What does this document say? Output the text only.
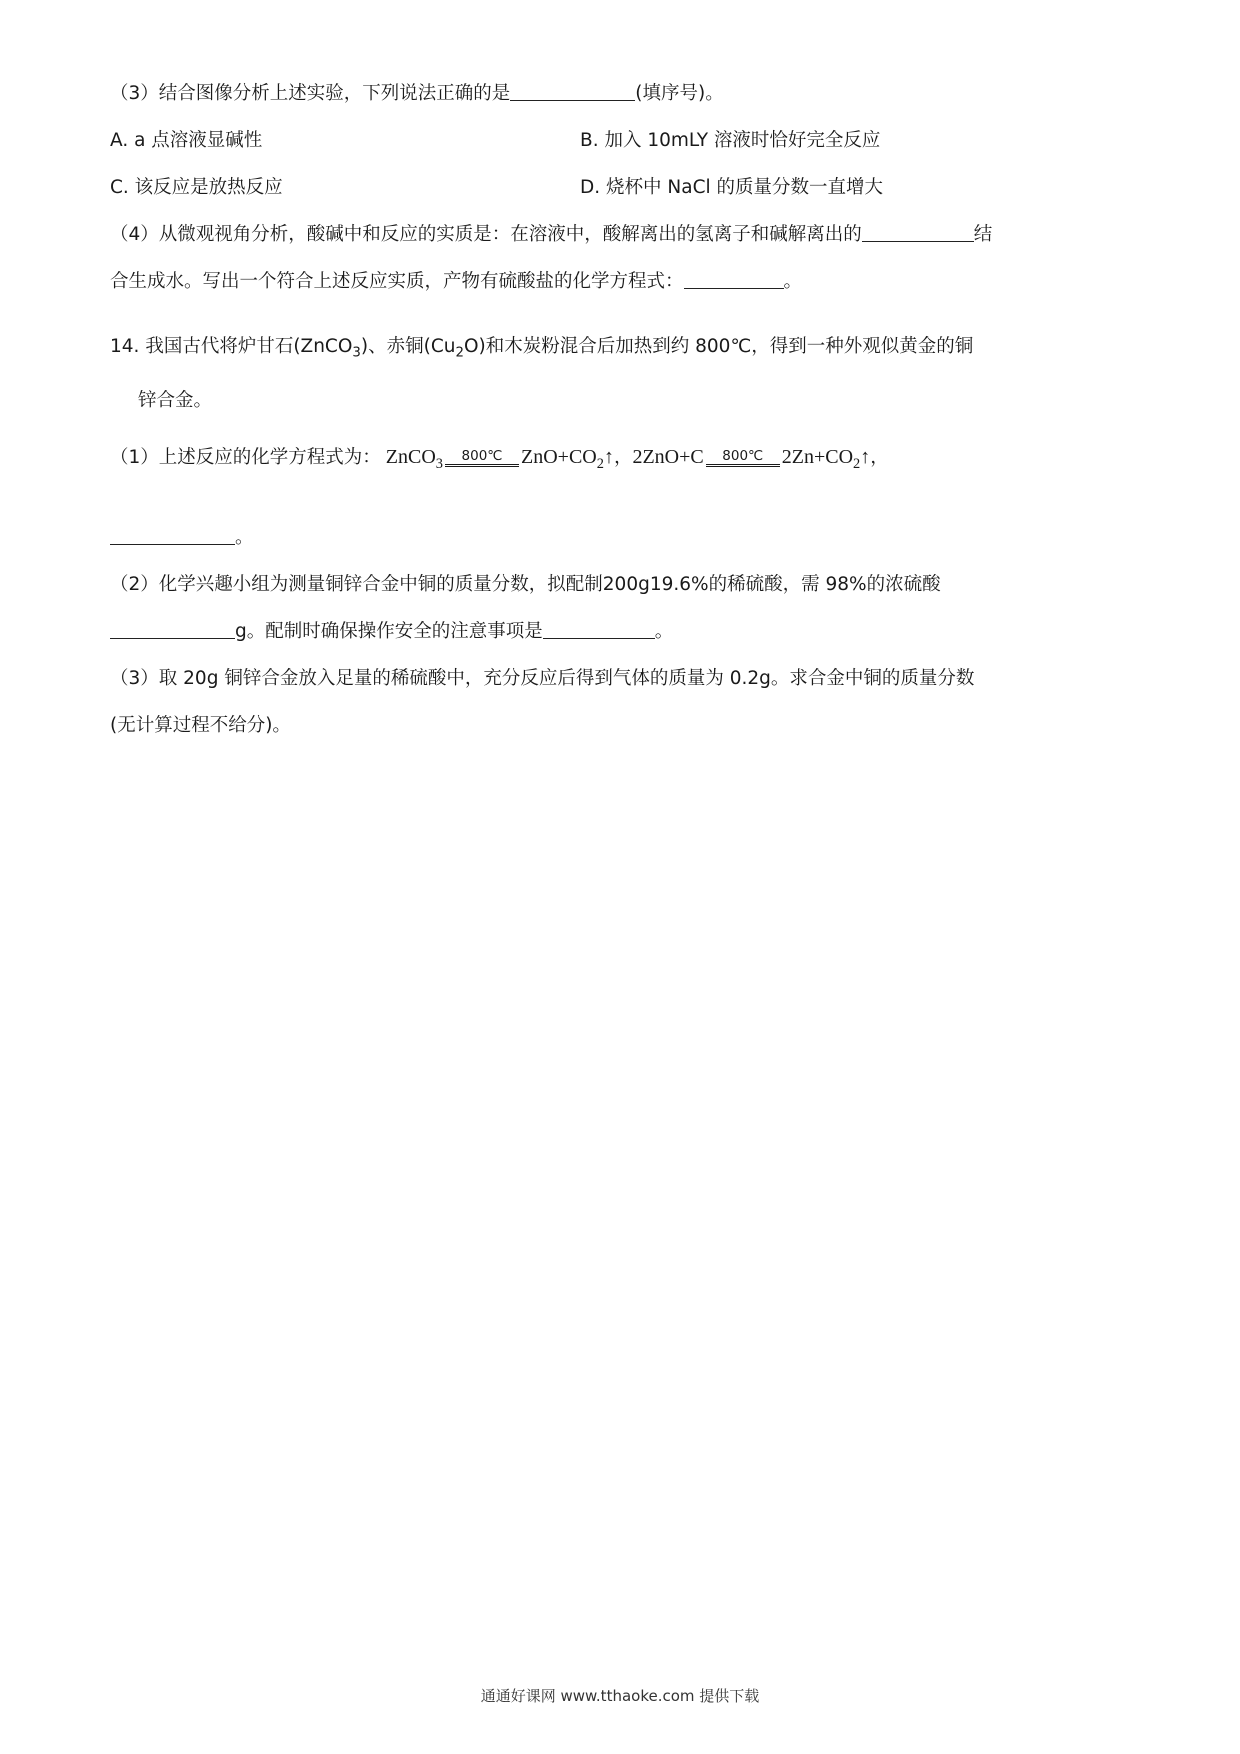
（3）结合图像分析上述实验，下列说法正确的是	(填序号)。
A. a 点溶液显碱性	B. 加入 10mLY 溶液时恰好完全反应
C. 该反应是放热反应	D. 烧杯中 NaCl 的质量分数一直增大
（4）从微观视角分析，酸碱中和反应的实质是：在溶液中，酸解离出的氢离子和碱解离出的	结
合生成水。写出一个符合上述反应实质，产物有硫酸盐的化学方程式：	。
14. 我国古代将炉甘石(ZnCO$_3$)、赤铜$(Cu_2O)$和木炭粉混合后加热到约 800℃，得到一种外观似黄金的铜
锌合金。
（1）上述反应的化学方程式为： ZnCO$_3$	800℃ $ZnO+CO_2↑$，2ZnO+C	800℃ $2Zn+CO_2↑$，
。
（2）化学兴趣小组为测量铜锌合金中铜的质量分数，拟配制200g19.6%的稀硫酸，需 98%的浓硫酸
g。配制时确保操作安全的注意事项是	。
（3）取 20g 铜锌合金放入足量的稀硫酸中，充分反应后得到气体的质量为 0.2g。求合金中铜的质量分数
(无计算过程不给分)。
通通好课网 www.tthaoke.com 提供下载
